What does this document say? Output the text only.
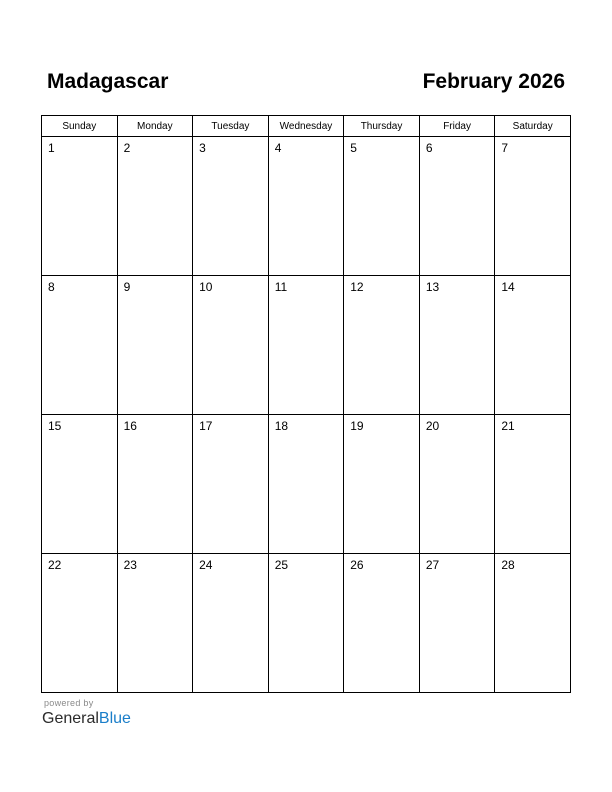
Madagascar	February 2026
Sunday	Monday	Tuesday	Wednesday	Thursday	Friday	Saturday

1	2	3	4	5	6	7

8	9	10	11	12	13	14

15	16	17	18	19	20	21

22	23	24	25	26	27	28
powered by
GeneralBlue
